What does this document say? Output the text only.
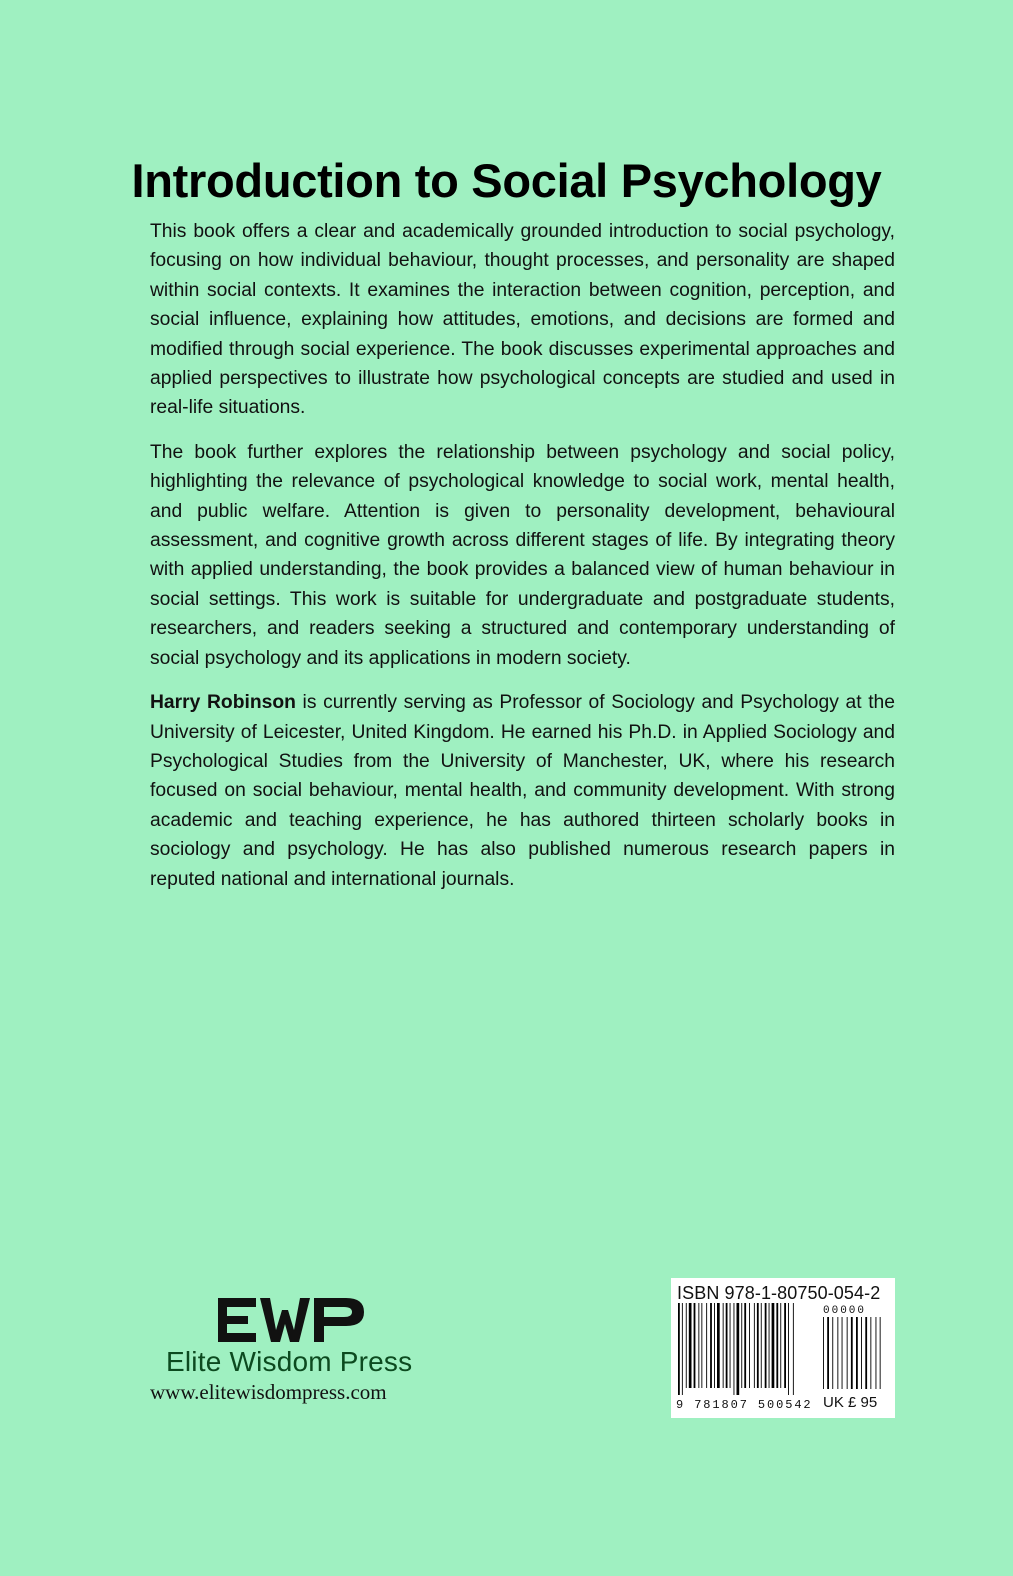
Introduction to Social Psychology

This book offers a clear and academically grounded introduction to social psychology, focusing on how individual behaviour, thought processes, and personality are shaped within social contexts. It examines the interaction between cognition, perception, and social influence, explaining how attitudes, emotions, and decisions are formed and modified through social experience. The book discusses experimental approaches and applied perspectives to illustrate how psychological concepts are studied and used in real-life situations.

The book further explores the relationship between psychology and social policy, highlighting the relevance of psychological knowledge to social work, mental health, and public welfare. Attention is given to personality development, behavioural assessment, and cognitive growth across different stages of life. By integrating theory with applied understanding, the book provides a balanced view of human behaviour in social settings. This work is suitable for undergraduate and postgraduate students, researchers, and readers seeking a structured and contemporary understanding of social psychology and its applications in modern society.

Harry Robinson is currently serving as Professor of Sociology and Psychology at the University of Leicester, United Kingdom. He earned his Ph.D. in Applied Sociology and Psychological Studies from the University of Manchester, UK, where his research focused on social behaviour, mental health, and community development. With strong academic and teaching experience, he has authored thirteen scholarly books in sociology and psychology. He has also published numerous research papers in reputed national and international journals.

Elite Wisdom Press
www.elitewisdompress.com
ISBN 978-1-80750-054-2
9 781807 500542
00000
UK £ 95
